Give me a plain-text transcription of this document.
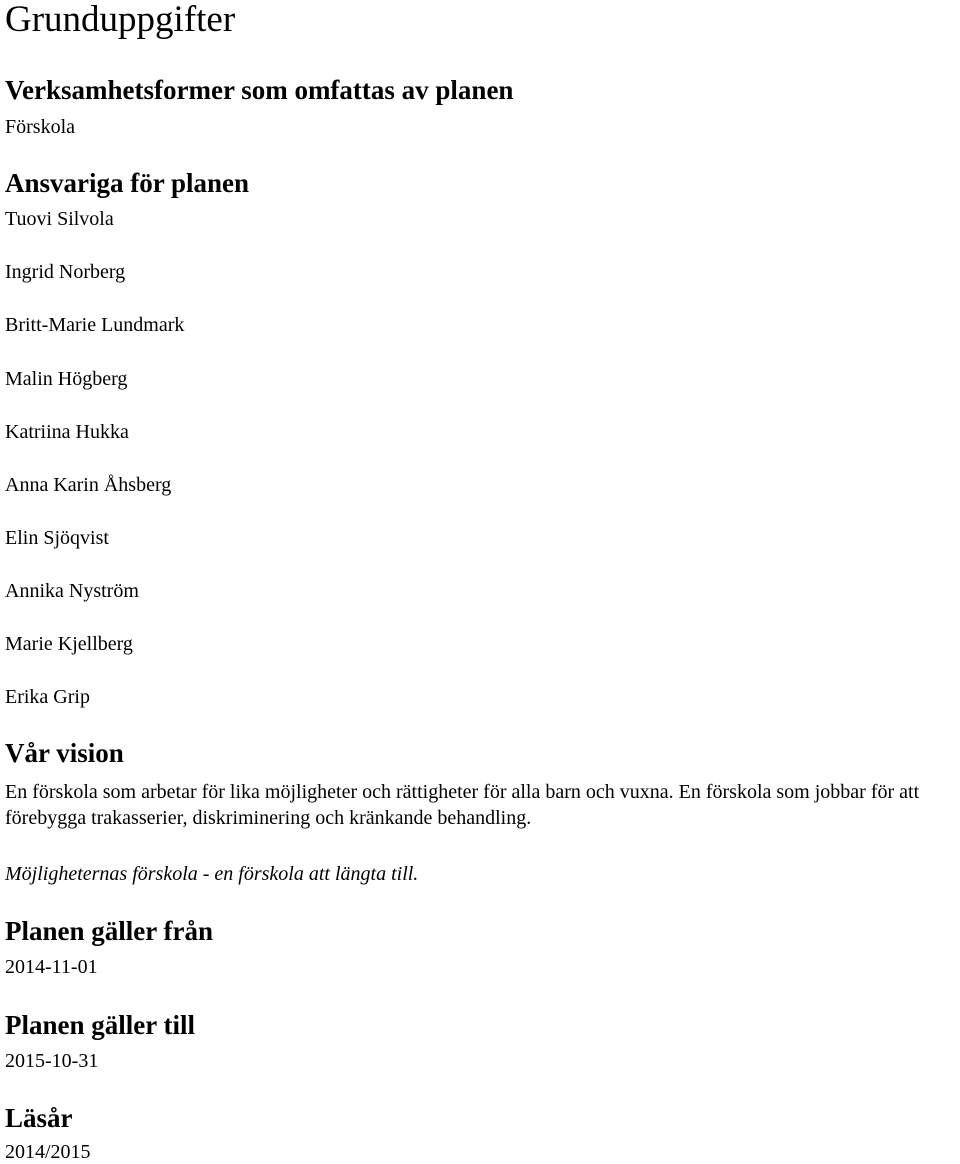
Grunduppgifter
Verksamhetsformer som omfattas av planen
Förskola
Ansvariga för planen
Tuovi Silvola
Ingrid Norberg
Britt-Marie Lundmark
Malin Högberg
Katriina Hukka
Anna Karin Åhsberg
Elin Sjöqvist
Annika Nyström
Marie Kjellberg
Erika Grip
Vår vision

En förskola som arbetar för lika möjligheter och rättigheter för alla barn och vuxna. En förskola som jobbar för att förebygga trakasserier, diskriminering och kränkande behandling.

Möjligheternas förskola - en förskola att längta till.

Planen gäller från
2014-11-01
Planen gäller till
2015-10-31
Läsår
2014/2015
